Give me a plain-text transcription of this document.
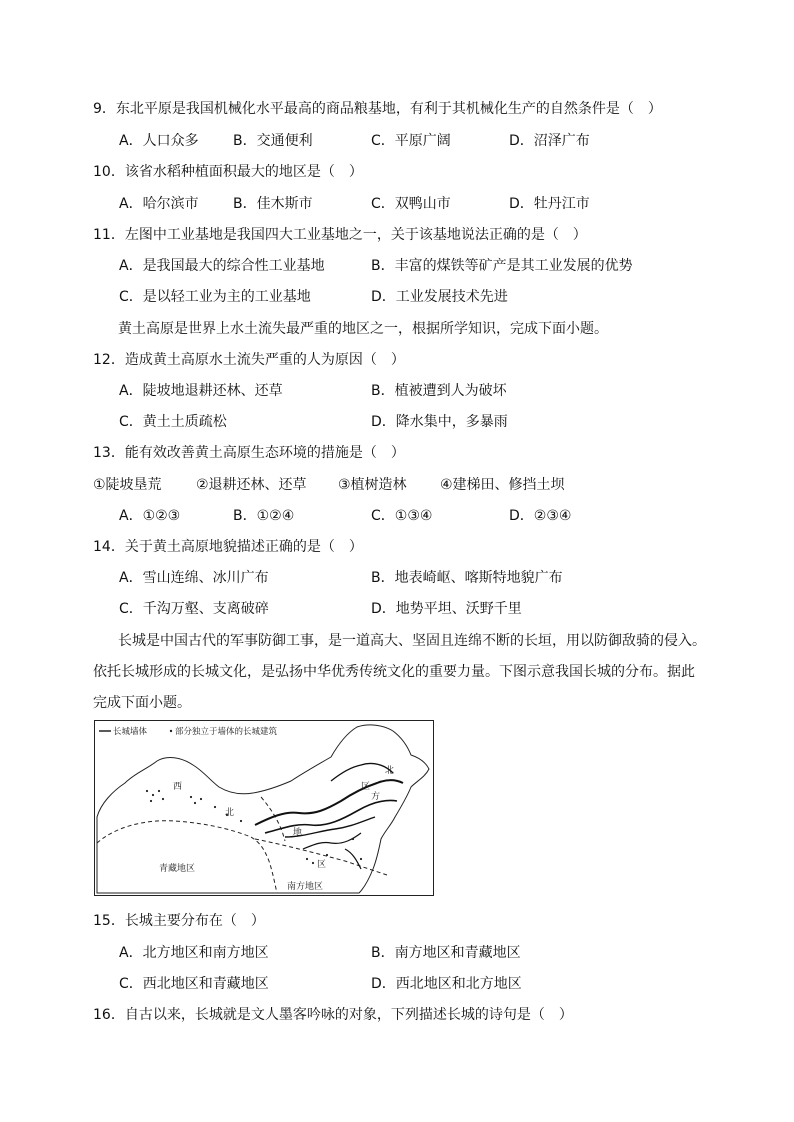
9．东北平原是我国机械化水平最高的商品粮基地，有利于其机械化生产的自然条件是（　）
A．人口众多 B．交通便利	C．平原广阔	D．沼泽广布
10．该省水稻种植面积最大的地区是（　）
A．哈尔滨市 B．佳木斯市	C．双鸭山市	D．牡丹江市
11．左图中工业基地是我国四大工业基地之一，关于该基地说法正确的是（　）
A．是我国最大的综合性工业基地	B．丰富的煤铁等矿产是其工业发展的优势
C．是以轻工业为主的工业基地	D．工业发展技术先进
黄土高原是世界上水土流失最严重的地区之一，根据所学知识，完成下面小题。
12．造成黄土高原水土流失严重的人为原因（　）
A．陡坡地退耕还林、还草	B．植被遭到人为破坏
C．黄土土质疏松	D．降水集中，多暴雨
13．能有效改善黄土高原生态环境的措施是（　）
①陡坡垦荒 ②退耕还林、还草 ③植树造林 ④建梯田、修挡土坝
A．①②③	B．①②④	C．①③④	D．②③④
14．关于黄土高原地貌描述正确的是（　）
A．雪山连绵、冰川广布	B．地表崎岖、喀斯特地貌广布
C．千沟万壑、支离破碎	D．地势平坦、沃野千里
长城是中国古代的军事防御工事，是一道高大、坚固且连绵不断的长垣，用以防御敌骑的侵入。
依托长城形成的长城文化，是弘扬中华优秀传统文化的重要力量。下图示意我国长城的分布。据此
完成下面小题。
长城墙体	部分独立于墙体的长城建筑
西
北
区
北
方
地
区
青藏地区
南方地区
15．长城主要分布在（　）
A．北方地区和南方地区	B．南方地区和青藏地区
C．西北地区和青藏地区	D．西北地区和北方地区
16．自古以来，长城就是文人墨客吟咏的对象，下列描述长城的诗句是（　）
